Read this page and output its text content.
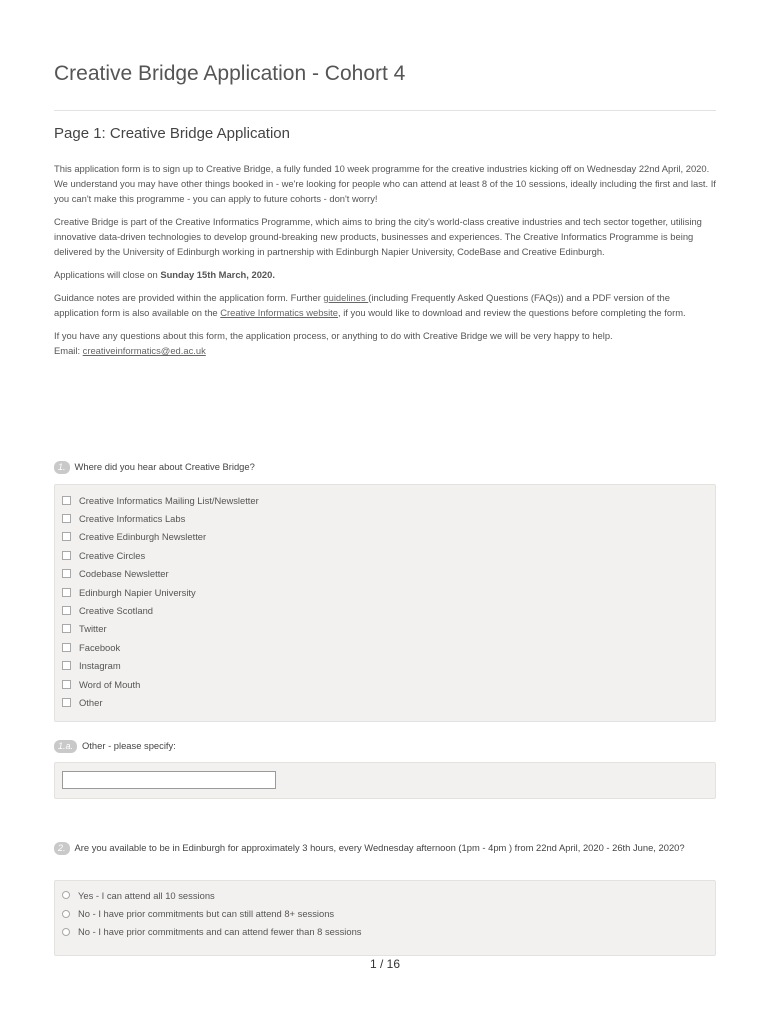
Creative Bridge Application - Cohort 4
Page 1: Creative Bridge Application

This application form is to sign up to Creative Bridge, a fully funded 10 week programme for the creative industries kicking off on Wednesday 22nd April, 2020. We understand you may have other things booked in - we're looking for people who can attend at least 8 of the 10 sessions, ideally including the first and last. If you can't make this programme - you can apply to future cohorts - don't worry!

Creative Bridge is part of the Creative Informatics Programme, which aims to bring the city's world-class creative industries and tech sector together, utilising innovative data-driven technologies to develop ground-breaking new products, businesses and experiences. The Creative Informatics Programme is being delivered by the University of Edinburgh working in partnership with Edinburgh Napier University, CodeBase and Creative Edinburgh.

Applications will close on Sunday 15th March, 2020.

Guidance notes are provided within the application form. Further guidelines (including Frequently Asked Questions (FAQs)) and a PDF version of the application form is also available on the Creative Informatics website, if you would like to download and review the questions before completing the form.

If you have any questions about this form, the application process, or anything to do with Creative Bridge we will be very happy to help.
Email: creativeinformatics@ed.ac.uk

1. Where did you hear about Creative Bridge?
Creative Informatics Mailing List/Newsletter
Creative Informatics Labs
Creative Edinburgh Newsletter
Creative Circles
Codebase Newsletter
Edinburgh Napier University
Creative Scotland
Twitter
Facebook
Instagram
Word of Mouth
Other
1.a. Other - please specify:
2. Are you available to be in Edinburgh for approximately 3 hours, every Wednesday afternoon (1pm - 4pm ) from 22nd April, 2020 - 26th June, 2020?
Yes - I can attend all 10 sessions
No - I have prior commitments but can still attend 8+ sessions
No - I have prior commitments and can attend fewer than 8 sessions
1 / 16
